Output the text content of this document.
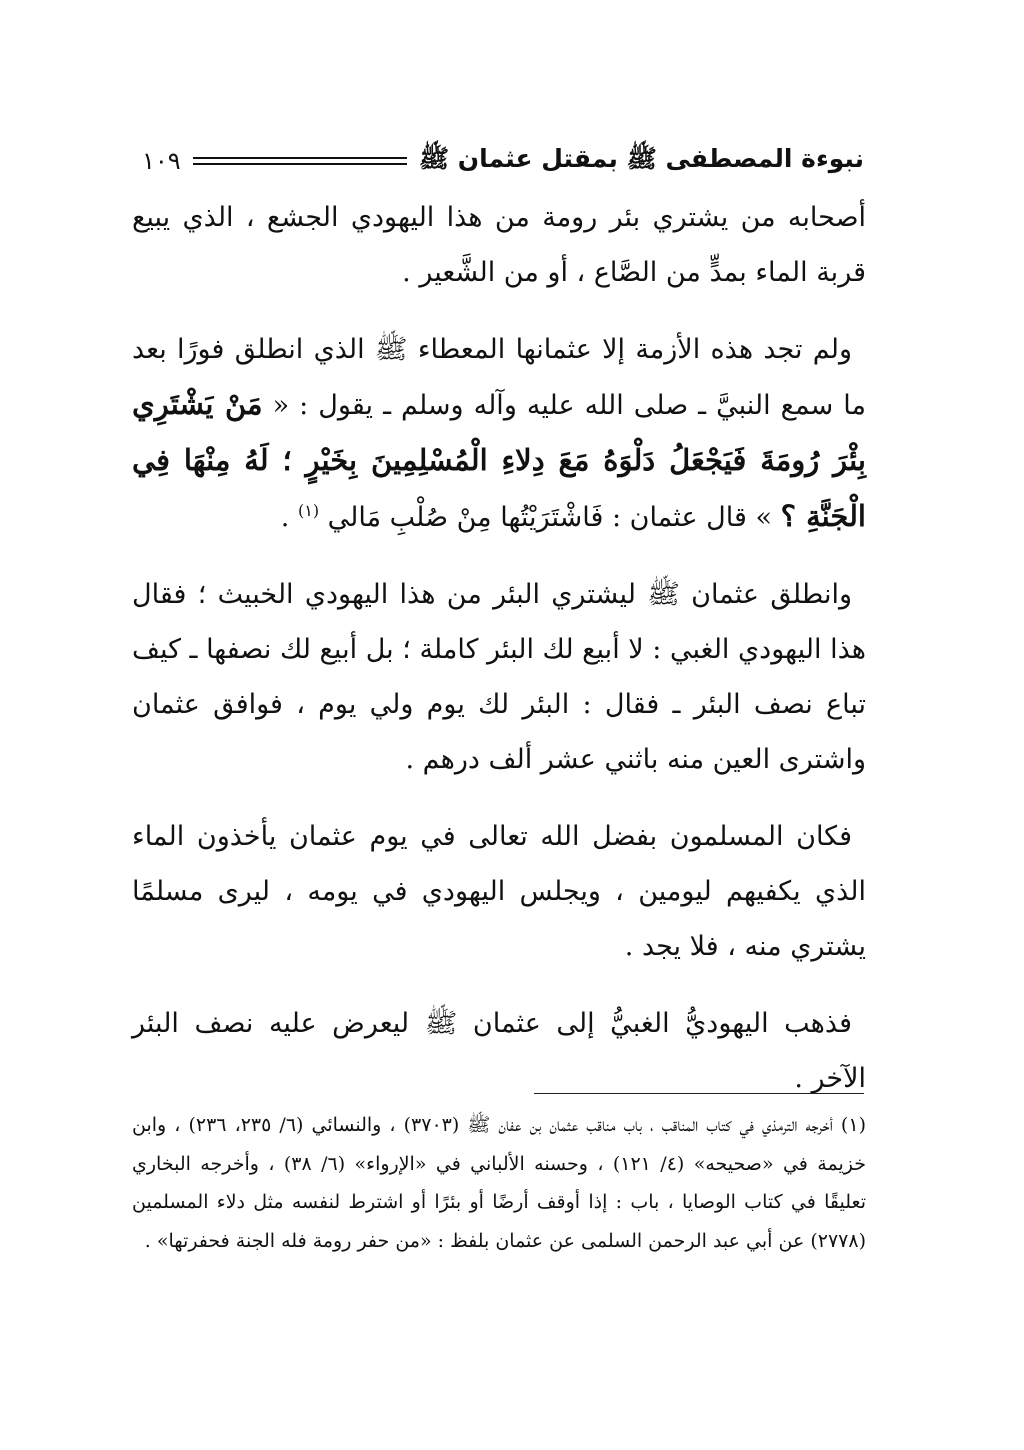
نبوءة المصطفى ﷺ بمقتل عثمان ﷺ
١٠٩

أصحابه من يشتري بئر رومة من هذا اليهودي الجشع ، الذي يبيع قربة الماء بمدٍّ من الصَّاع ، أو من الشَّعير .

ولم تجد هذه الأزمة إلا عثمانها المعطاء ﷺ الذي انطلق فورًا بعد ما سمع النبيَّ ـ صلى الله عليه وآله وسلم ـ يقول : « مَنْ يَشْتَرِي بِئْرَ رُومَةَ فَيَجْعَلُ دَلْوَهُ مَعَ دِلاءِ الْمُسْلِمِينَ بِخَيْرٍ ؛ لَهُ مِنْهَا فِي الْجَنَّةِ ؟ » قال عثمان : فَاشْتَرَيْتُها مِنْ صُلْبِ مَالي $^{(١)}$ .

وانطلق عثمان ﷺ ليشتري البئر من هذا اليهودي الخبيث ؛ فقال هذا اليهودي الغبي : لا أبيع لك البئر كاملة ؛ بل أبيع لك نصفها ـ كيف تباع نصف البئر ـ فقال : البئر لك يوم ولي يوم ، فوافق عثمان واشترى العين منه باثني عشر ألف درهم .

فكان المسلمون بفضل الله تعالى في يوم عثمان يأخذون الماء الذي يكفيهم ليومين ، ويجلس اليهودي في يومه ، ليرى مسلمًا يشتري منه ، فلا يجد .

فذهب اليهوديُّ الغبيُّ إلى عثمان ﷺ ليعرض عليه نصف البئر الآخر .

(١) أخرجه الترمذي في كتاب المناقب ، باب مناقب عثمان بن عفان ﷺ (٣٧٠٣) ، والنسائي (٦/ ٢٣٥، ٢٣٦) ، وابن خزيمة في «صحيحه» (٤/ ١٢١) ، وحسنه الألباني في «الإرواء» (٦/ ٣٨) ، وأخرجه البخاري تعليقًا في كتاب الوصايا ، باب : إذا أوقف أرضًا أو بئرًا أو اشترط لنفسه مثل دلاء المسلمين (٢٧٧٨) عن أبي عبد الرحمن السلمى عن عثمان بلفظ : «من حفر رومة فله الجنة فحفرتها» .
